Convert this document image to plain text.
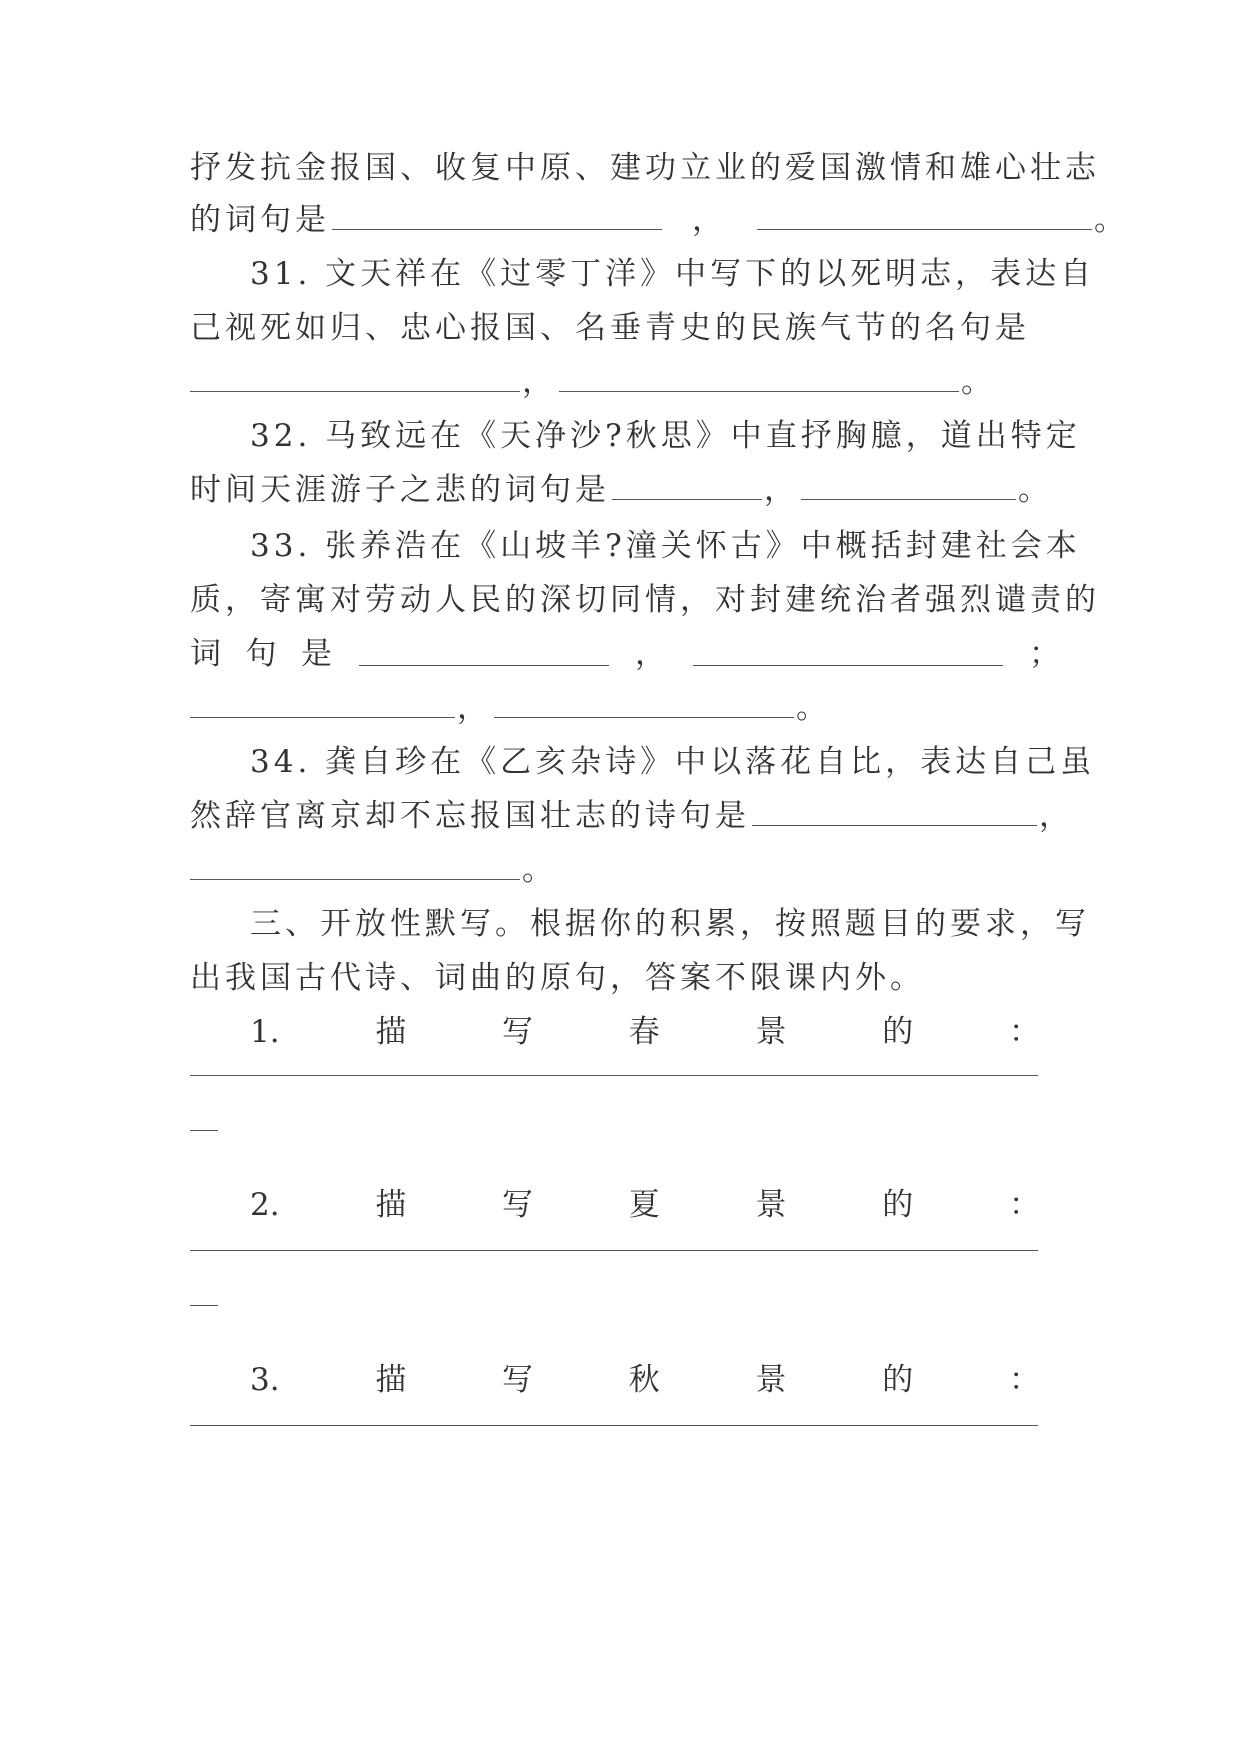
抒发抗金报国、收复中原、建功立业的爱国激情和雄心壮志
的词句是	，	。
31. 文天祥在《过零丁洋》中写下的以死明志，表达自
己视死如归、忠心报国、名垂青史的民族气节的名句是
，	。
32. 马致远在《天净沙?秋思》中直抒胸臆，道出特定
时间天涯游子之悲的词句是	，	。
33. 张养浩在《山坡羊?潼关怀古》中概括封建社会本
质，寄寓对劳动人民的深切同情，对封建统治者强烈谴责的
词 句 是	，	；
，	。
34. 龚自珍在《乙亥杂诗》中以落花自比，表达自己虽
然辞官离京却不忘报国壮志的诗句是	，
。
三、开放性默写。根据你的积累，按照题目的要求，写
出我国古代诗、词曲的原句，答案不限课内外。
1.	描	写	春	景	的	：
2.	描	写	夏	景	的	：
3.	描	写	秋	景	的	：
